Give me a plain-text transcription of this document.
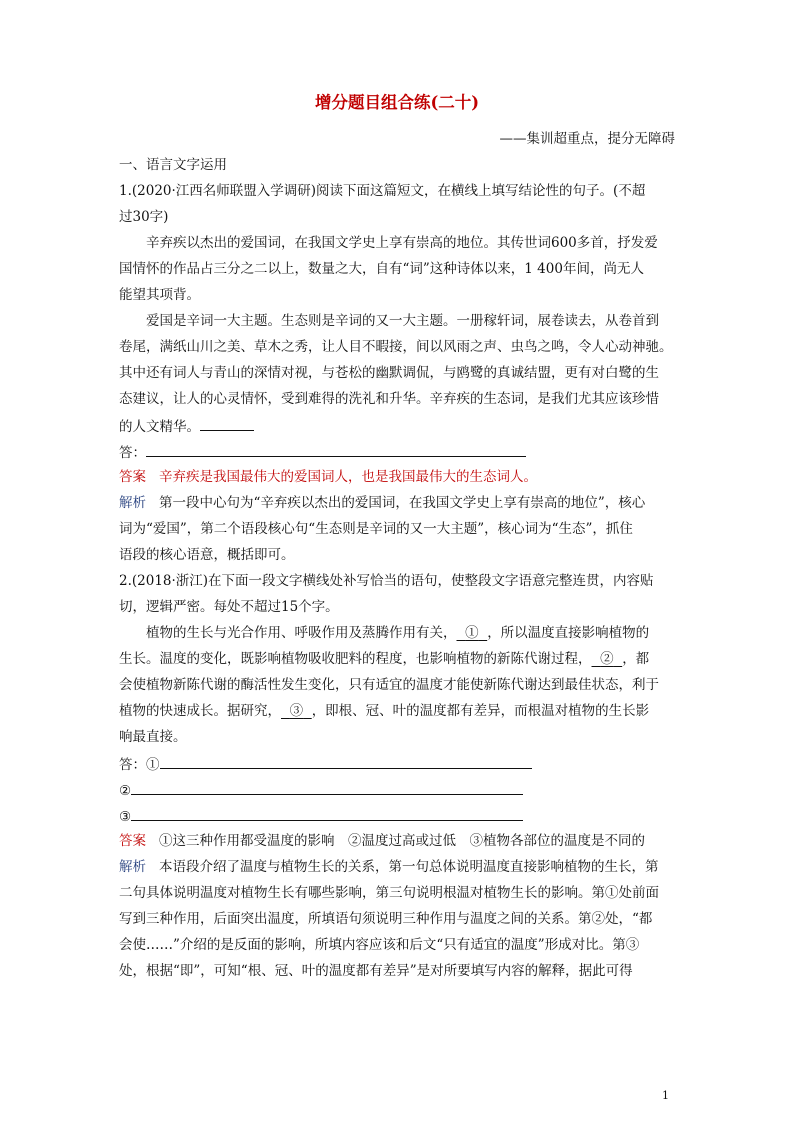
增分题目组合练(二十)
——集训超重点，提分无障碍
一、语言文字运用
1.(2020·江西名师联盟入学调研)阅读下面这篇短文，在横线上填写结论性的句子。(不超
过30字)
辛弃疾以杰出的爱国词，在我国文学史上享有崇高的地位。其传世词600多首，抒发爱
国情怀的作品占三分之二以上，数量之大，自有“词”这种诗体以来，1 400年间，尚无人
能望其项背。
爱国是辛词一大主题。生态则是辛词的又一大主题。一册稼轩词，展卷读去，从卷首到
卷尾，满纸山川之美、草木之秀，让人目不暇接，间以风雨之声、虫鸟之鸣，令人心动神驰。
其中还有词人与青山的深情对视，与苍松的幽默调侃，与鸥鹭的真诚结盟，更有对白鹭的生
态建议，让人的心灵情怀，受到难得的洗礼和升华。辛弃疾的生态词，是我们尤其应该珍惜
的人文精华。
答：
答案 辛弃疾是我国最伟大的爱国词人，也是我国最伟大的生态词人。
解析 第一段中心句为“辛弃疾以杰出的爱国词，在我国文学史上享有崇高的地位”，核心
词为“爱国”，第二个语段核心句“生态则是辛词的又一大主题”，核心词为“生态”，抓住
语段的核心语意，概括即可。
2.(2018·浙江)在下面一段文字横线处补写恰当的语句，使整段文字语意完整连贯，内容贴
切，逻辑严密。每处不超过15个字。
植物的生长与光合作用、呼吸作用及蒸腾作用有关， ① ，所以温度直接影响植物的
生长。温度的变化，既影响植物吸收肥料的程度，也影响植物的新陈代谢过程， ② ，都
会使植物新陈代谢的酶活性发生变化，只有适宜的温度才能使新陈代谢达到最佳状态，利于
植物的快速成长。据研究， ③ ，即根、冠、叶的温度都有差异，而根温对植物的生长影
响最直接。
答：①
②
③
答案 ①这三种作用都受温度的影响　②温度过高或过低　③植物各部位的温度是不同的
解析 本语段介绍了温度与植物生长的关系，第一句总体说明温度直接影响植物的生长，第
二句具体说明温度对植物生长有哪些影响，第三句说明根温对植物生长的影响。第①处前面
写到三种作用，后面突出温度，所填语句须说明三种作用与温度之间的关系。第②处，“都
会使……”介绍的是反面的影响，所填内容应该和后文“只有适宜的温度”形成对比。第③
处，根据“即”，可知“根、冠、叶的温度都有差异”是对所要填写内容的解释，据此可得
1
